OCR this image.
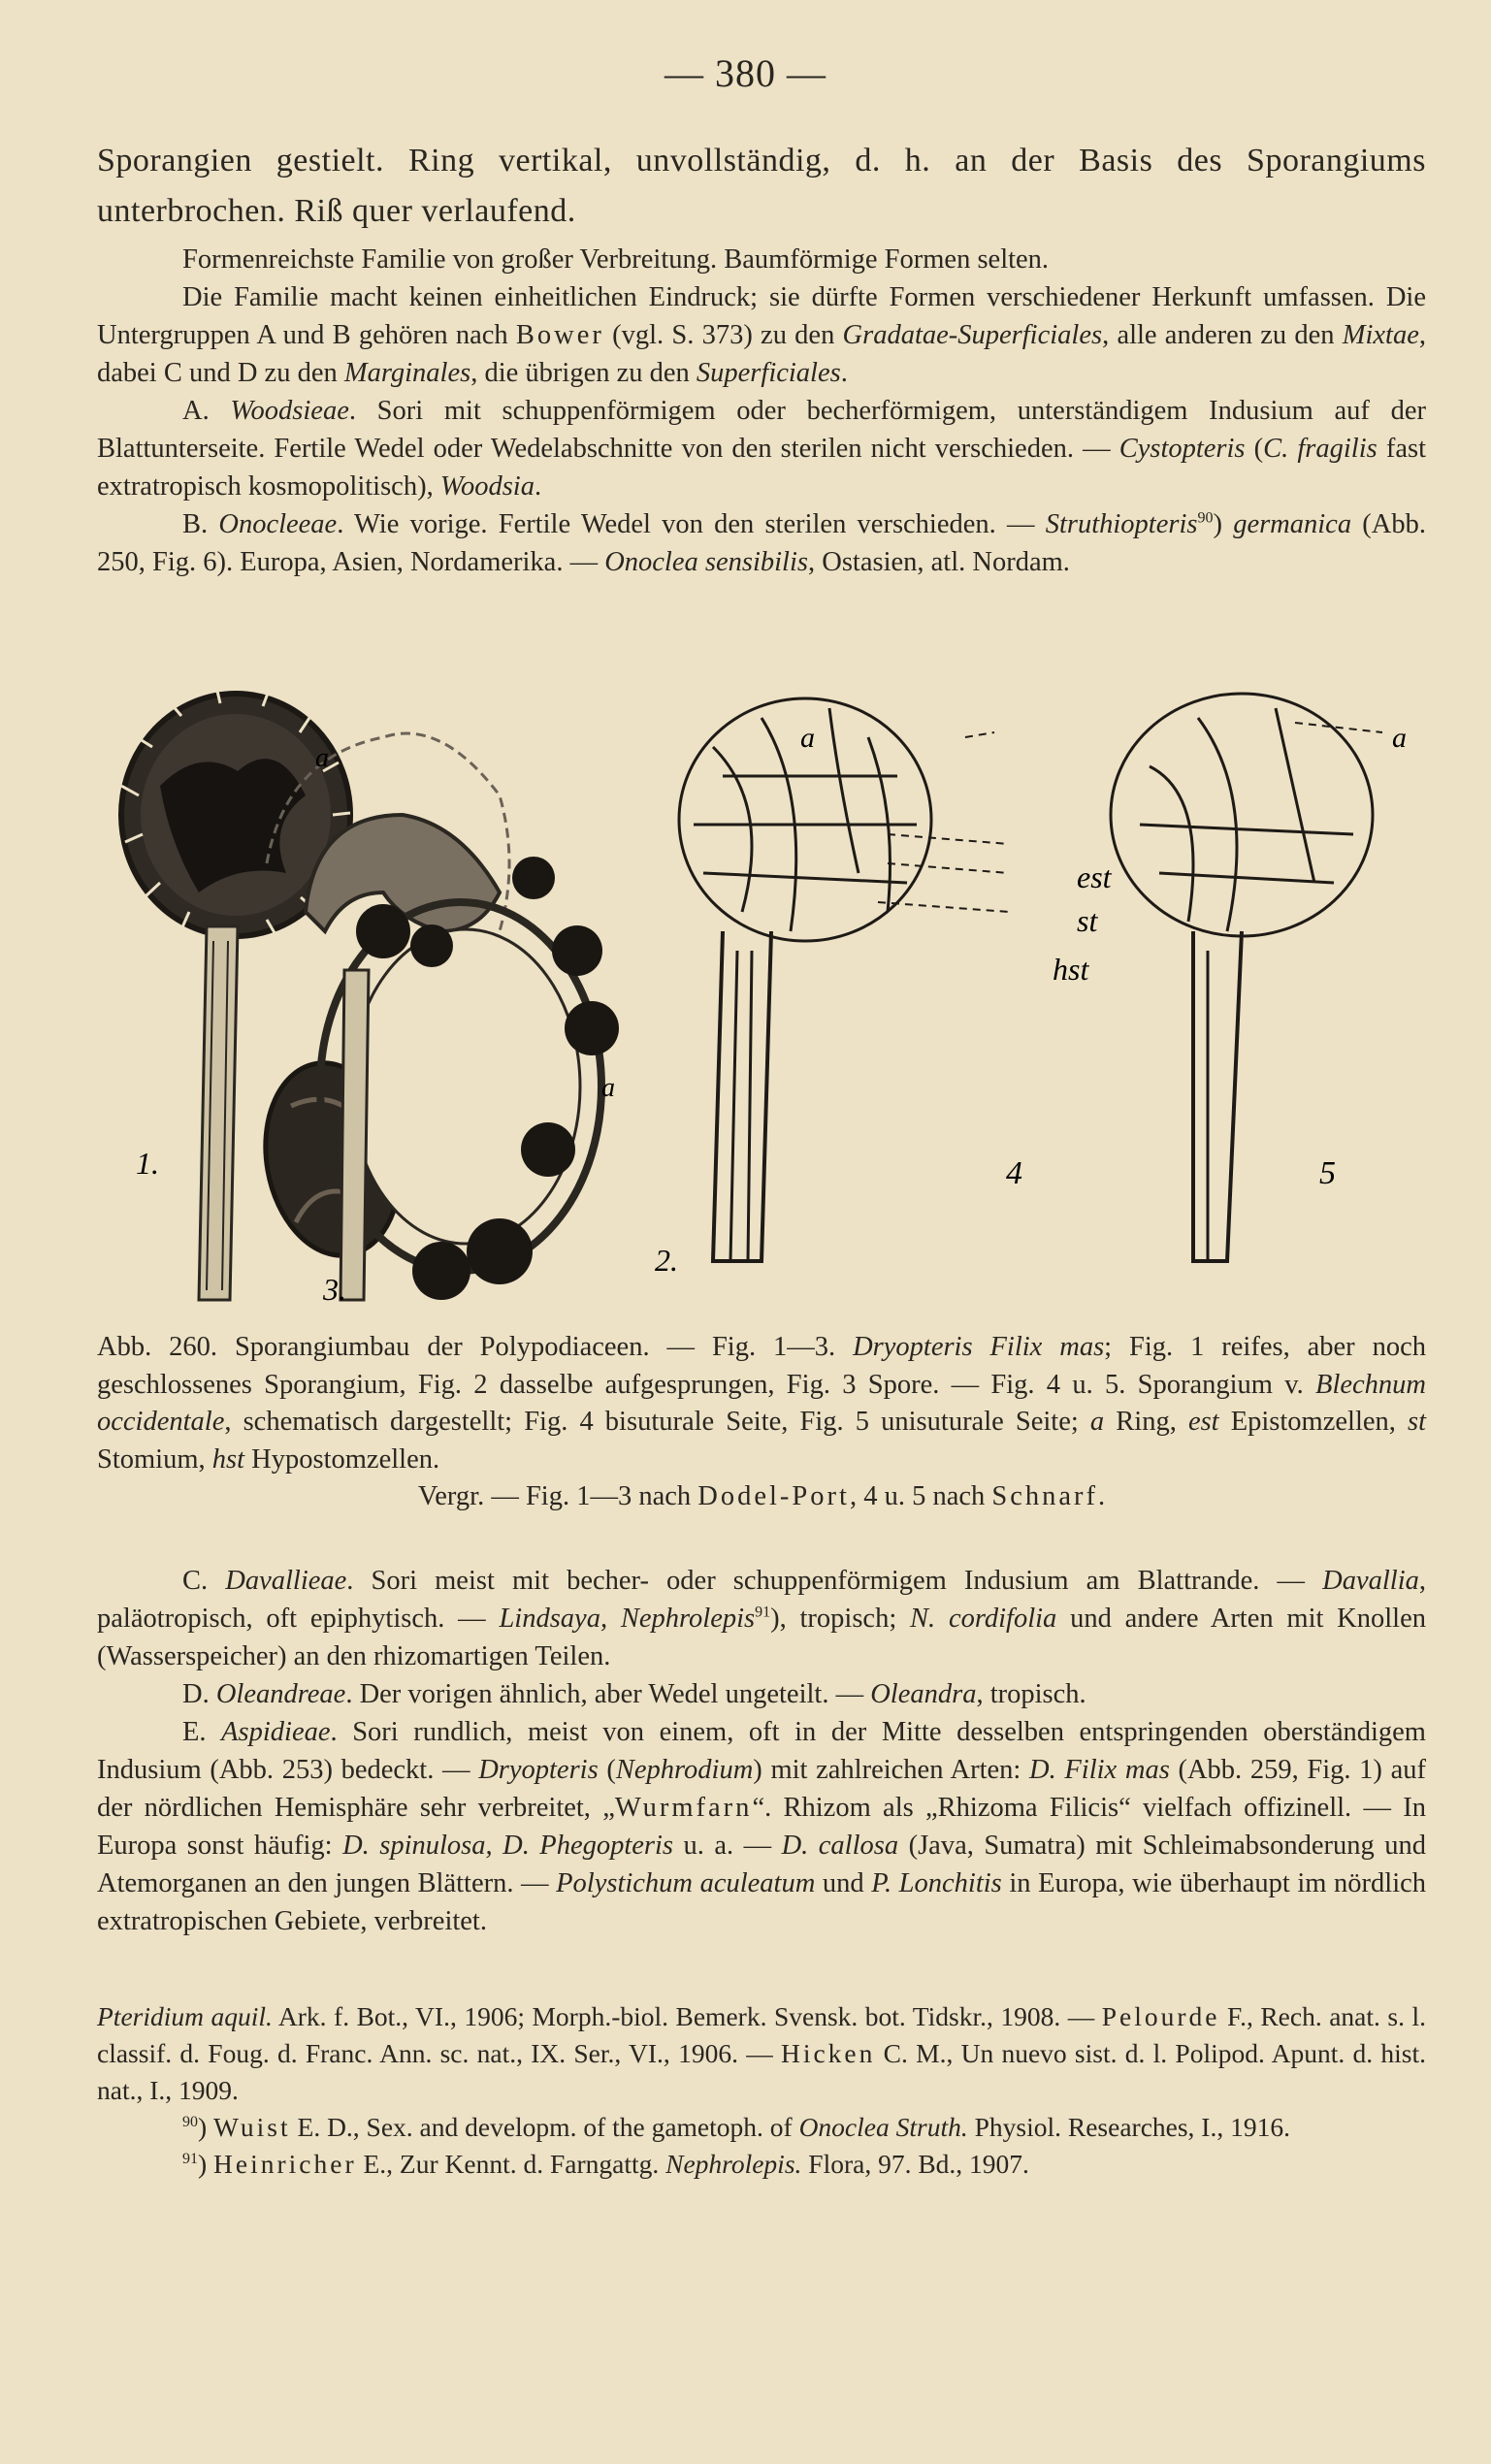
— 380 —

Sporangien gestielt. Ring vertikal, unvollständig, d. h. an der Basis des Sporangiums unterbrochen. Riß quer verlaufend.

Formenreichste Familie von großer Verbreitung. Baumförmige Formen selten.

Die Familie macht keinen einheitlichen Eindruck; sie dürfte Formen verschiedener Herkunft umfassen. Die Untergruppen A und B gehören nach Bower (vgl. S. 373) zu den Gradatae-Superficiales, alle anderen zu den Mixtae, dabei C und D zu den Marginales, die übrigen zu den Superficiales.

A. Woodsieae. Sori mit schuppenförmigem oder becherförmigem, unterständigem Indusium auf der Blattunterseite. Fertile Wedel oder Wedelabschnitte von den sterilen nicht verschieden. — Cystopteris (C. fragilis fast extratropisch kosmopolitisch), Woodsia.

B. Onocleeae. Wie vorige. Fertile Wedel von den sterilen verschieden. — Struthiopteris$^{90}$) germanica (Abb. 250, Fig. 6). Europa, Asien, Nordamerika. — Onoclea sensibilis, Ostasien, atl. Nordam.

a
a
a	a
est
st
hst
1.
2.
3.
4	5

Abb. 260. Sporangiumbau der Polypodiaceen. — Fig. 1—3. Dryopteris Filix mas; Fig. 1 reifes, aber noch geschlossenes Sporangium, Fig. 2 dasselbe aufgesprungen, Fig. 3 Spore. — Fig. 4 u. 5. Sporangium v. Blechnum occidentale, schematisch dargestellt; Fig. 4 bisuturale Seite, Fig. 5 unisuturale Seite; a Ring, est Epistomzellen, st Stomium, hst Hypostomzellen.

Vergr. — Fig. 1—3 nach Dodel-Port, 4 u. 5 nach Schnarf.

C. Davallieae. Sori meist mit becher- oder schuppenförmigem Indusium am Blattrande. — Davallia, paläotropisch, oft epiphytisch. — Lindsaya, Nephrolepis$^{91}$), tropisch; N. cordifolia und andere Arten mit Knollen (Wasserspeicher) an den rhizomartigen Teilen.

D. Oleandreae. Der vorigen ähnlich, aber Wedel ungeteilt. — Oleandra, tropisch.

E. Aspidieae. Sori rundlich, meist von einem, oft in der Mitte desselben entspringenden oberständigem Indusium (Abb. 253) bedeckt. — Dryopteris (Nephrodium) mit zahlreichen Arten: D. Filix mas (Abb. 259, Fig. 1) auf der nördlichen Hemisphäre sehr verbreitet, „Wurmfarn“. Rhizom als „Rhizoma Filicis“ vielfach offizinell. — In Europa sonst häufig: D. spinulosa, D. Phegopteris u. a. — D. callosa (Java, Sumatra) mit Schleimabsonderung und Atemorganen an den jungen Blättern. — Polystichum aculeatum und P. Lonchitis in Europa, wie überhaupt im nördlich extratropischen Gebiete, verbreitet.

Pteridium aquil. Ark. f. Bot., VI., 1906; Morph.-biol. Bemerk. Svensk. bot. Tidskr., 1908. — Pelourde F., Rech. anat. s. l. classif. d. Foug. d. Franc. Ann. sc. nat., IX. Ser., VI., 1906. — Hicken C. M., Un nuevo sist. d. l. Polipod. Apunt. d. hist. nat., I., 1909.

$^{90}$) Wuist E. D., Sex. and developm. of the gametoph. of Onoclea Struth. Physiol. Researches, I., 1916.

$^{91}$) Heinricher E., Zur Kennt. d. Farngattg. Nephrolepis. Flora, 97. Bd., 1907.
